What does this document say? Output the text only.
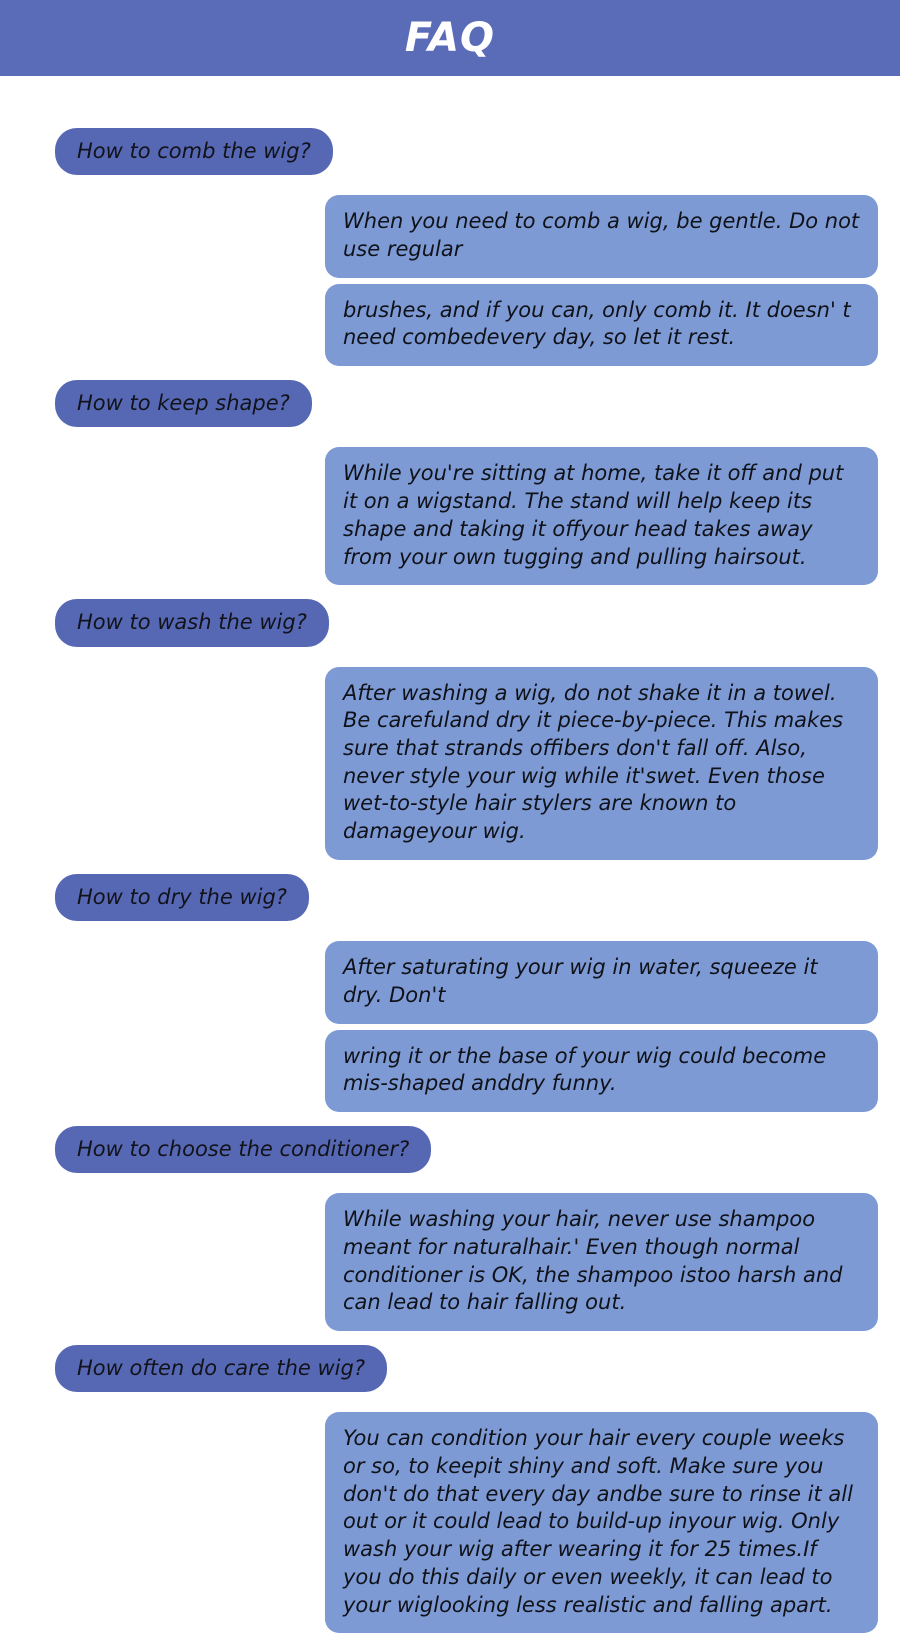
FAQ
How to comb the wig?
When you need to comb a wig, be gentle. Do not use regular
brushes, and if you can, only comb it. It doesn' t need combedevery day, so let it rest.
How to keep shape?
While you're sitting at home, take it off and put it on a wigstand. The stand will help keep its shape and taking it offyour head takes away from your own tugging and pulling hairsout.
How to wash the wig?
After washing a wig, do not shake it in a towel. Be carefuland dry it piece-by-piece. This makes sure that strands offibers don't fall off. Also, never style your wig while it'swet. Even those wet-to-style hair stylers are known to damageyour wig.
How to dry the wig?
After saturating your wig in water, squeeze it dry. Don't
wring it or the base of your wig could become mis-shaped anddry funny.
How to choose the conditioner?
While washing your hair, never use shampoo meant for naturalhair.' Even though normal conditioner is OK, the shampoo istoo harsh and can lead to hair falling out.
How often do care the wig?
You can condition your hair every couple weeks or so, to keepit shiny and soft. Make sure you don't do that every day andbe sure to rinse it all out or it could lead to build-up inyour wig. Only wash your wig after wearing it for 25 times.If you do this daily or even weekly, it can lead to your wiglooking less realistic and falling apart.
